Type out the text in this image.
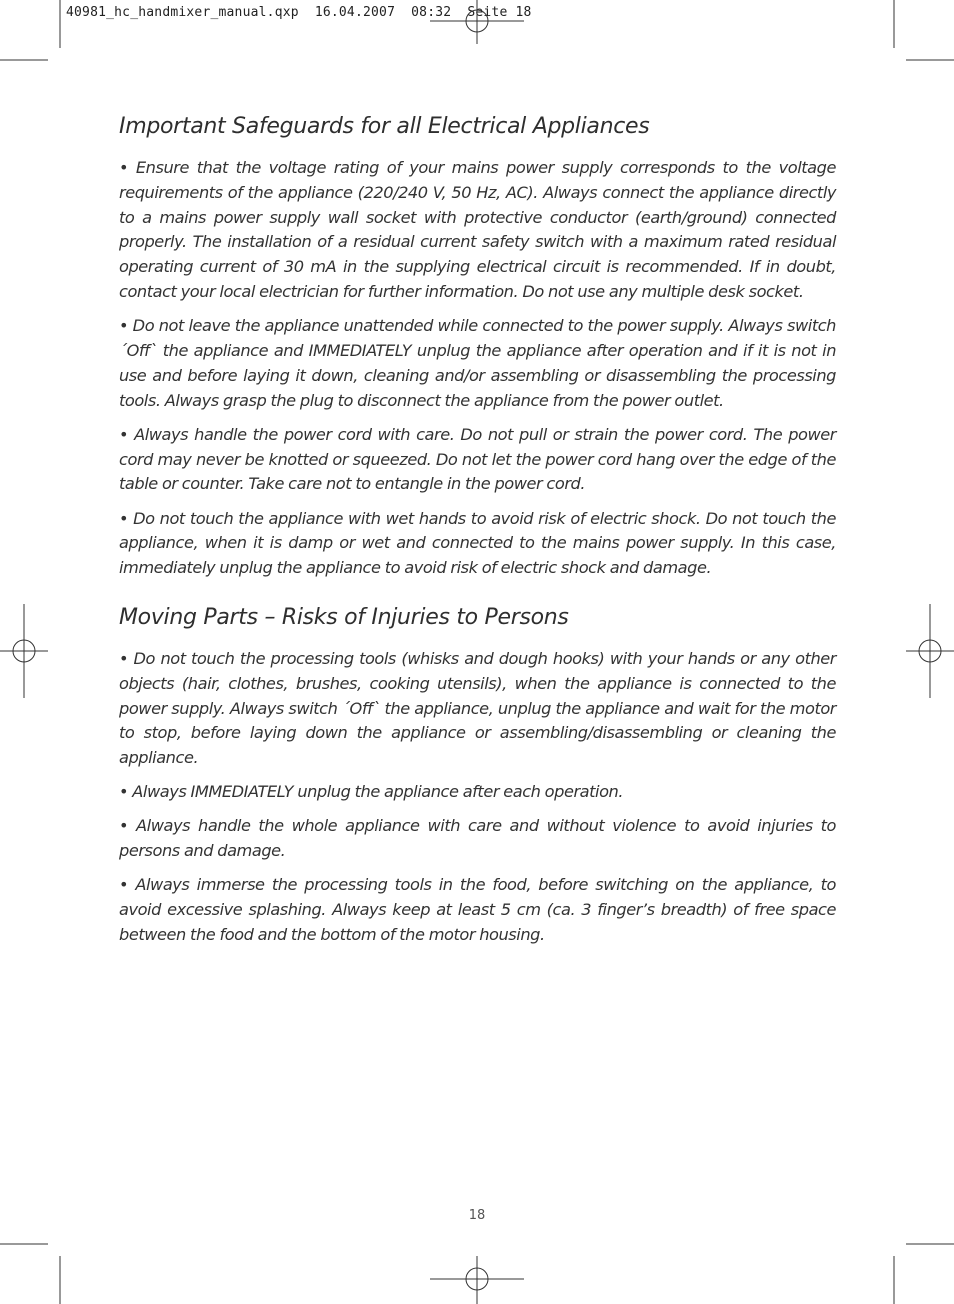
40981_hc_handmixer_manual.qxp  16.04.2007  08:32  Seite 18
Important Safeguards for all Electrical Appliances

• Ensure that the voltage rating of your mains power supply corresponds to the voltage requirements of the appliance (220/240 V, 50 Hz, AC). Always connect the appliance directly to a mains power supply wall socket with protective conductor (earth/ground) connected properly. The installation of a residual current safety switch with a maximum rated residual operating current of 30 mA in the supplying electrical circuit is recommended. If in doubt, contact your local electrician for further information. Do not use any multiple desk socket.

• Do not leave the appliance unattended while connected to the power supply. Always switch ´Off` the appliance and IMMEDIATELY unplug the appliance after operation and if it is not in use and before laying it down, cleaning and/or assembling or disassembling the processing tools. Always grasp the plug to disconnect the appliance from the power outlet.

• Always handle the power cord with care. Do not pull or strain the power cord. The power cord may never be knotted or squeezed. Do not let the power cord hang over the edge of the table or counter. Take care not to entangle in the power cord.

• Do not touch the appliance with wet hands to avoid risk of electric shock. Do not touch the appliance, when it is damp or wet and connected to the mains power supply. In this case, immediately unplug the appliance to avoid risk of electric shock and damage.

Moving Parts – Risks of Injuries to Persons

• Do not touch the processing tools (whisks and dough hooks) with your hands or any other objects (hair, clothes, brushes, cooking utensils), when the appliance is connected to the power supply. Always switch ´Off` the appliance, unplug the appliance and wait for the motor to stop, before laying down the appliance or assembling/disassembling or cleaning the appliance.

• Always IMMEDIATELY unplug the appliance after each operation.

• Always handle the whole appliance with care and without violence to avoid injuries to persons and damage.

• Always immerse the processing tools in the food, before switching on the appliance, to avoid excessive splashing. Always keep at least 5 cm (ca. 3 finger’s breadth) of free space between the food and the bottom of the motor housing.

18
